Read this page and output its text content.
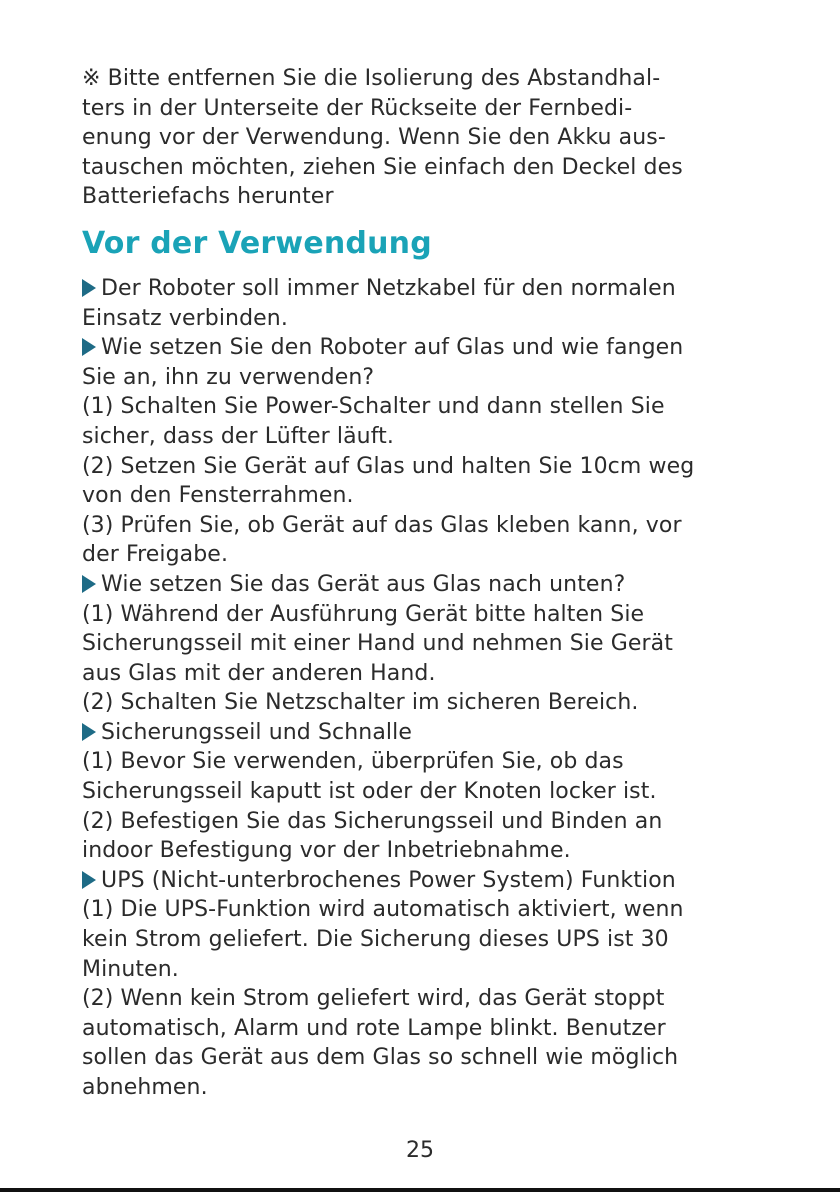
※ Bitte entfernen Sie die Isolierung des Abstandhal-
ters in der Unterseite der Rückseite der Fernbedi-
enung vor der Verwendung. Wenn Sie den Akku aus-
tauschen möchten, ziehen Sie einfach den Deckel des
Batteriefachs herunter
Vor der Verwendung
Der Roboter soll immer Netzkabel für den normalen
Einsatz verbinden.
Wie setzen Sie den Roboter auf Glas und wie fangen
Sie an, ihn zu verwenden?
(1) Schalten Sie Power-Schalter und dann stellen Sie
sicher, dass der Lüfter läuft.
(2) Setzen Sie Gerät auf Glas und halten Sie 10cm weg
von den Fensterrahmen.
(3) Prüfen Sie, ob Gerät auf das Glas kleben kann, vor
der Freigabe.
Wie setzen Sie das Gerät aus Glas nach unten?
(1) Während der Ausführung Gerät bitte halten Sie
Sicherungsseil mit einer Hand und nehmen Sie Gerät
aus Glas mit der anderen Hand.
(2) Schalten Sie Netzschalter im sicheren Bereich.
Sicherungsseil und Schnalle
(1) Bevor Sie verwenden, überprüfen Sie, ob das
Sicherungsseil kaputt ist oder der Knoten locker ist.
(2) Befestigen Sie das Sicherungsseil und Binden an
indoor Befestigung vor der Inbetriebnahme.
UPS (Nicht-unterbrochenes Power System) Funktion
(1) Die UPS-Funktion wird automatisch aktiviert, wenn
kein Strom geliefert. Die Sicherung dieses UPS ist 30
Minuten.
(2) Wenn kein Strom geliefert wird, das Gerät stoppt
automatisch, Alarm und rote Lampe blinkt. Benutzer
sollen das Gerät aus dem Glas so schnell wie möglich
abnehmen.
25
